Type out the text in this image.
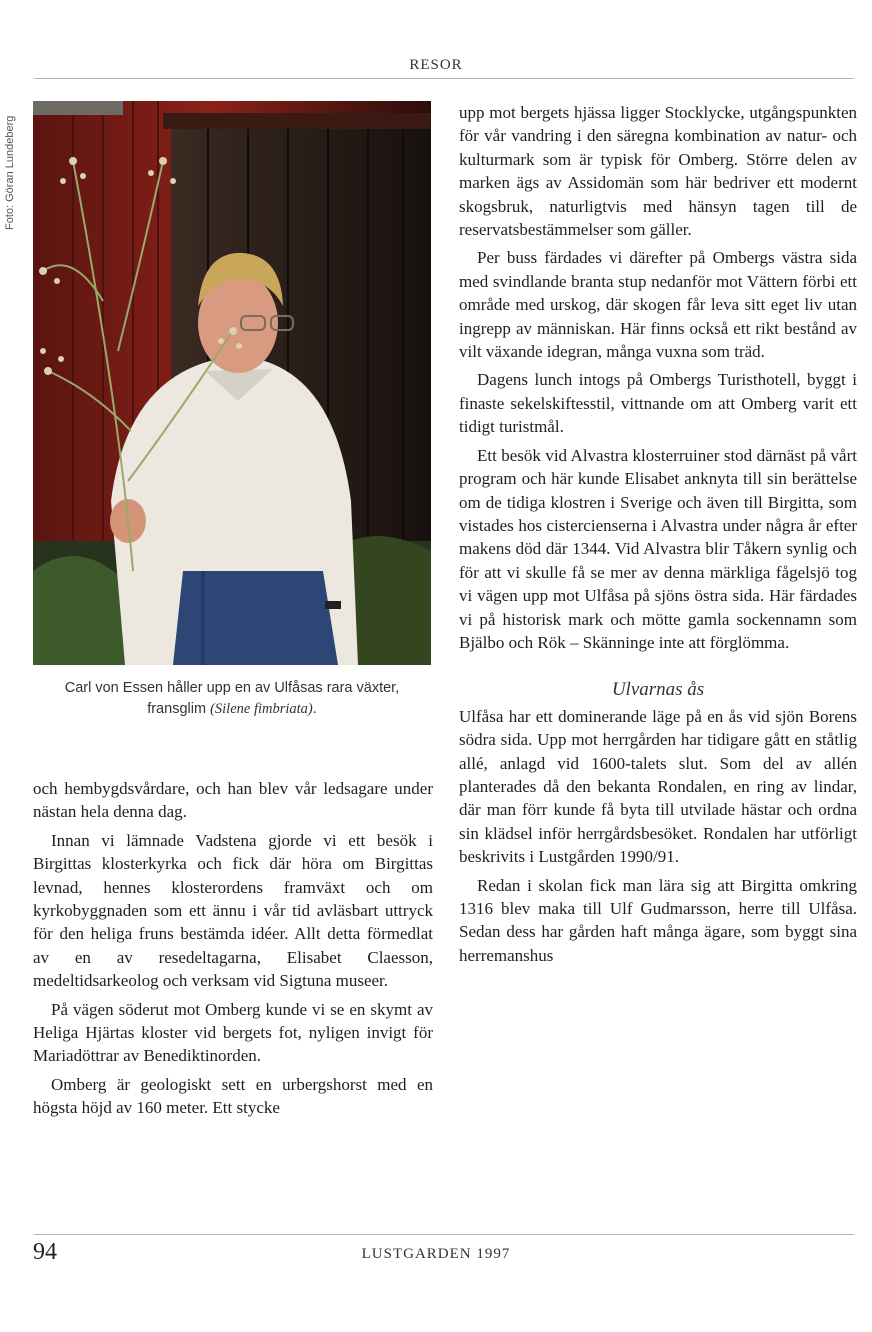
RESOR
Foto: Göran Lundeberg
Carl von Essen håller upp en av Ulfåsas rara växter, fransglim (Silene fimbriata).

och hembygdsvårdare, och han blev vår ledsagare under nästan hela denna dag.

Innan vi lämnade Vadstena gjorde vi ett besök i Birgittas klosterkyrka och fick där höra om Birgittas levnad, hennes klosterordens framväxt och om kyrkobyggnaden som ett ännu i vår tid avläsbart uttryck för den heliga fruns bestämda idéer. Allt detta förmedlat av en av resedeltagarna, Elisabet Claesson, medeltidsarkeolog och verksam vid Sigtuna museer.

På vägen söderut mot Omberg kunde vi se en skymt av Heliga Hjärtas kloster vid bergets fot, nyligen invigt för Mariadöttrar av Benediktinorden.

Omberg är geologiskt sett en urbergshorst med en högsta höjd av 160 meter. Ett stycke

upp mot bergets hjässa ligger Stocklycke, utgångspunkten för vår vandring i den säregna kombination av natur- och kulturmark som är typisk för Omberg. Större delen av marken ägs av Assidomän som här bedriver ett modernt skogsbruk, naturligtvis med hänsyn tagen till de reservatsbestämmelser som gäller.

Per buss färdades vi därefter på Ombergs västra sida med svindlande branta stup nedanför mot Vättern förbi ett område med urskog, där skogen får leva sitt eget liv utan ingrepp av människan. Här finns också ett rikt bestånd av vilt växande idegran, många vuxna som träd.

Dagens lunch intogs på Ombergs Turisthotell, byggt i finaste sekelskiftesstil, vittnande om att Omberg varit ett tidigt turistmål.

Ett besök vid Alvastra klosterruiner stod därnäst på vårt program och här kunde Elisabet anknyta till sin berättelse om de tidiga klostren i Sverige och även till Birgitta, som vistades hos cistercienserna i Alvastra under några år efter makens död där 1344. Vid Alvastra blir Tåkern synlig och för att vi skulle få se mer av denna märkliga fågelsjö tog vi vägen upp mot Ulfåsa på sjöns östra sida. Här färdades vi på historisk mark och mötte gamla sockennamn som Bjälbo och Rök – Skänninge inte att förglömma.

Ulvarnas ås

Ulfåsa har ett dominerande läge på en ås vid sjön Borens södra sida. Upp mot herrgården har tidigare gått en ståtlig allé, anlagd vid 1600-talets slut. Som del av allén planterades då den bekanta Rondalen, en ring av lindar, där man förr kunde få byta till utvilade hästar och ordna sin klädsel inför herrgårdsbesöket. Rondalen har utförligt beskrivits i Lustgården 1990/91.

Redan i skolan fick man lära sig att Birgitta omkring 1316 blev maka till Ulf Gudmarsson, herre till Ulfåsa. Sedan dess har gården haft många ägare, som byggt sina herremanshus

94	LUSTGARDEN 1997
